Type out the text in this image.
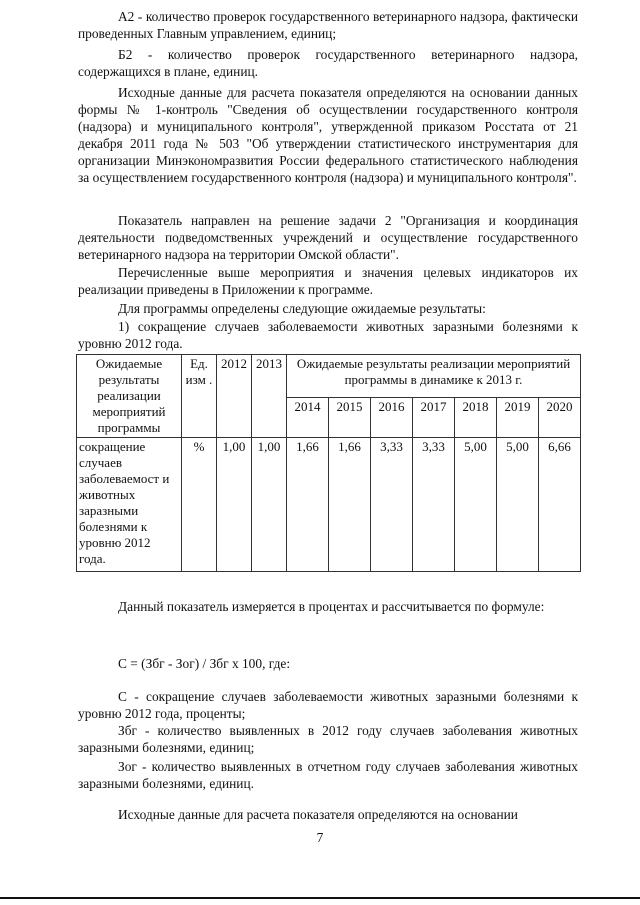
А2 - количество проверок государственного ветеринарного надзора, фактически проведенных Главным управлением, единиц;

Б2 - количество проверок государственного ветеринарного надзора, содержащихся в плане, единиц.

Исходные данные для расчета показателя определяются на основании данных формы № 1-контроль "Сведения об осуществлении государственного контроля (надзора) и муниципального контроля", утвержденной приказом Росстата от 21 декабря 2011 года № 503 "Об утверждении статистического инструментария для организации Минэкономразвития России федерального статистического наблюдения за осуществлением государственного контроля (надзора) и муниципального контроля".

Показатель направлен на решение задачи 2 "Организация и координация деятельности подведомственных учреждений и осуществление государственного ветеринарного надзора на территории Омской области".

Перечисленные выше мероприятия и значения целевых индикаторов их реализации приведены в Приложении к программе.

Для программы определены следующие ожидаемые результаты:

1) сокращение случаев заболеваемости животных заразными болезнями к уровню 2012 года.

Ожидаемые результаты реализации мероприятий программы	Ед. изм .	2012	2013	Ожидаемые результаты реализации мероприятий программы в динамике к 2013 г.						
				2014	2015	2016	2017	2018	2019	2020
сокращение случаев заболеваемост и животных заразными болезнями к уровню 2012 года.	%	1,00	1,00	1,66	1,66	3,33	3,33	5,00	5,00	6,66

Данный показатель измеряется в процентах и рассчитывается по формуле:

С = (Збг - Зог) / Збг х 100, где:

С - сокращение случаев заболеваемости животных заразными болезнями к уровню 2012 года, проценты;

Збг - количество выявленных в 2012 году случаев заболевания животных заразными болезнями, единиц;

Зог - количество выявленных в отчетном году случаев заболевания животных заразными болезнями, единиц.

Исходные данные для расчета показателя определяются на основании

7
